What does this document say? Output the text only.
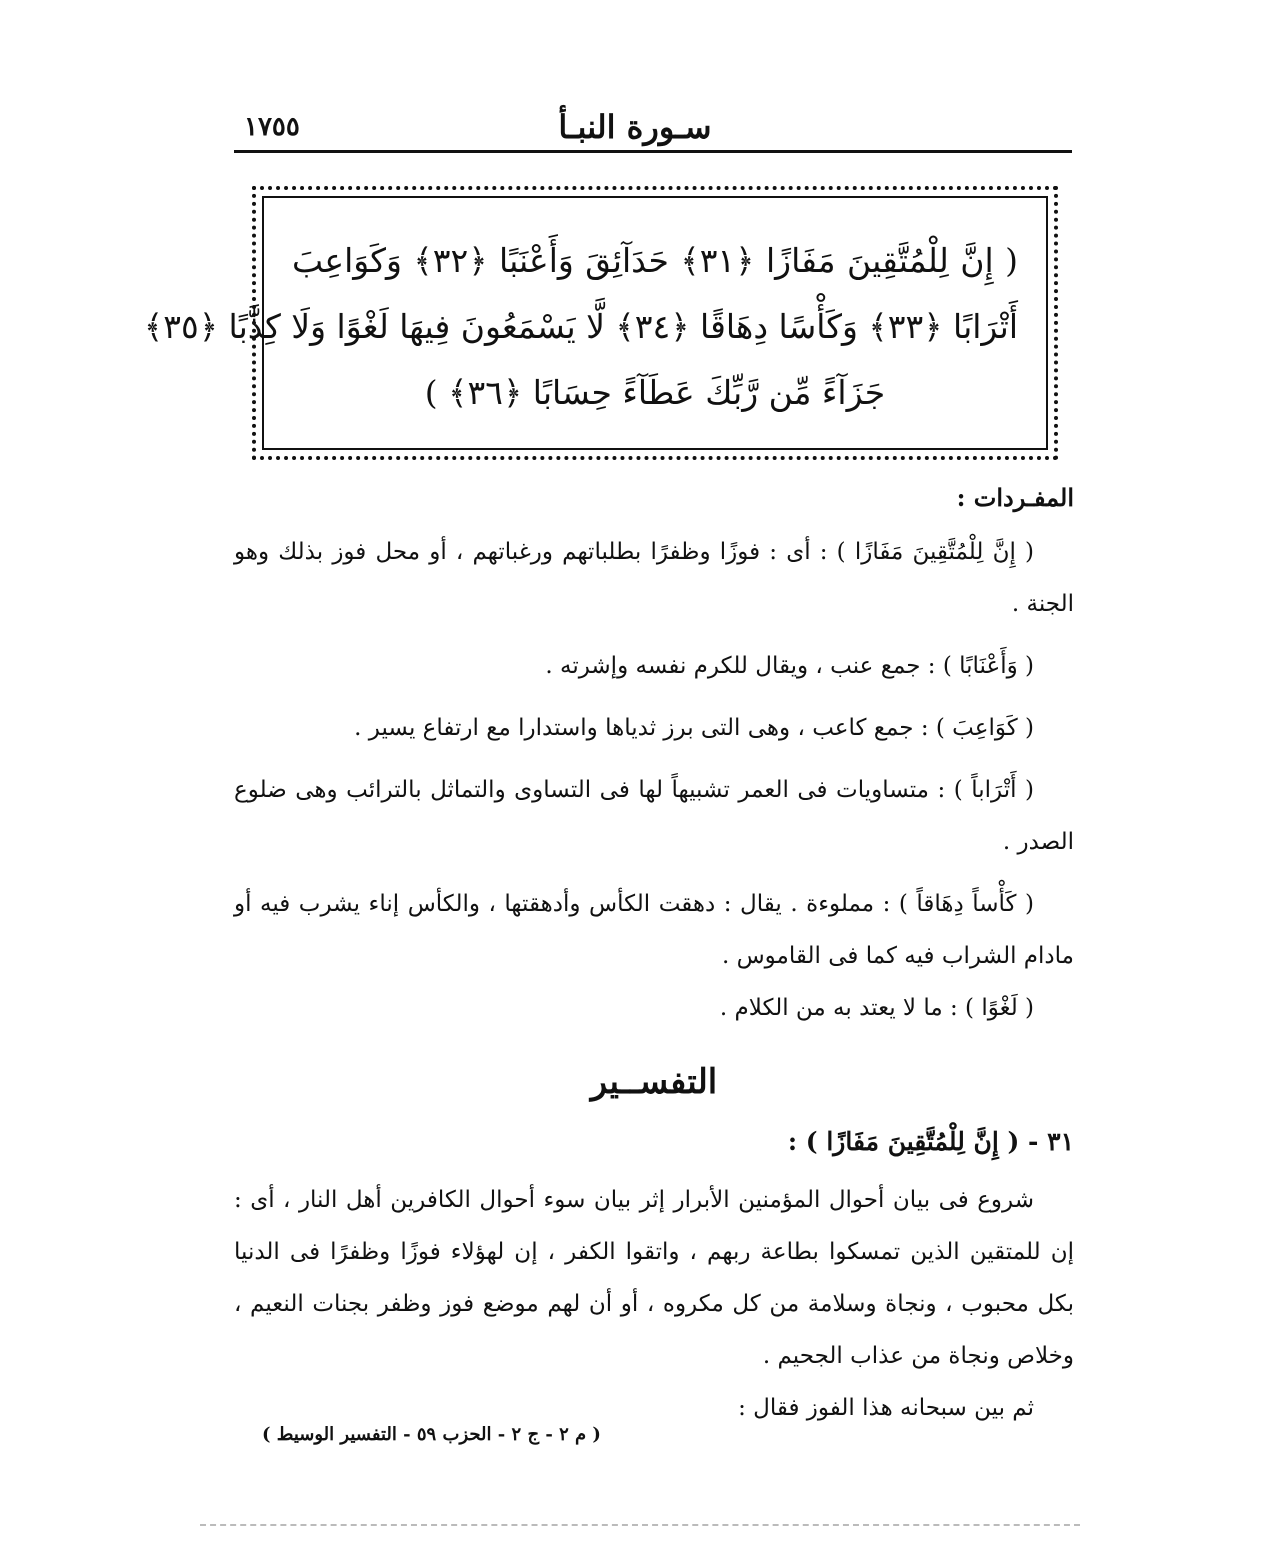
سـورة النبـأ
١٧٥٥
( إِنَّ لِلْمُتَّقِينَ مَفَازًا ﴿٣١﴾ حَدَآئِقَ وَأَعْنَبًا ﴿٣٢﴾ وَكَوَاعِبَ
أَتْرَابًا ﴿٣٣﴾ وَكَأْسًا دِهَاقًا ﴿٣٤﴾ لَّا يَسْمَعُونَ فِيهَا لَغْوًا وَلَا كِذَّٰبًا ﴿٣٥﴾
جَزَآءً مِّن رَّبِّكَ عَطَآءً حِسَابًا ﴿٣٦﴾ )
المفـردات :

( إِنَّ لِلْمُتَّقِينَ مَفَازًا ) : أى : فوزًا وظفرًا بطلباتهم ورغباتهم ، أو محل فوز بذلك وهو الجنة .

( وَأَعْنَابًا ) : جمع عنب ، ويقال للكرم نفسه وإشرته .

( كَوَاعِبَ ) : جمع كاعب ، وهى التى برز ثدياها واستدارا مع ارتفاع يسير .

( أَتْرَاباً ) : متساويات فى العمر تشبيهاً لها فى التساوى والتماثل بالترائب وهى ضلوع الصدر .

( كَأْساً دِهَاقاً ) : مملوءة . يقال : دهقت الكأس وأدهقتها ، والكأس إناء يشرب فيه أو مادام الشراب فيه كما فى القاموس .

( لَغْوًا ) : ما لا يعتد به من الكلام .

التفســير
٣١ - ( إِنَّ لِلْمُتَّقِينَ مَفَازًا ) :

شروع فى بيان أحوال المؤمنين الأبرار إثر بيان سوء أحوال الكافرين أهل النار ، أى : إن للمتقين الذين تمسكوا بطاعة ربهم ، واتقوا الكفر ، إن لهؤلاء فوزًا وظفرًا فى الدنيا بكل محبوب ، ونجاة وسلامة من كل مكروه ، أو أن لهم موضع فوز وظفر بجنات النعيم ، وخلاص ونجاة من عذاب الجحيم .

ثم بين سبحانه هذا الفوز فقال :

( م ٢ - ج ٢ - الحزب ٥٩ - التفسير الوسيط )
